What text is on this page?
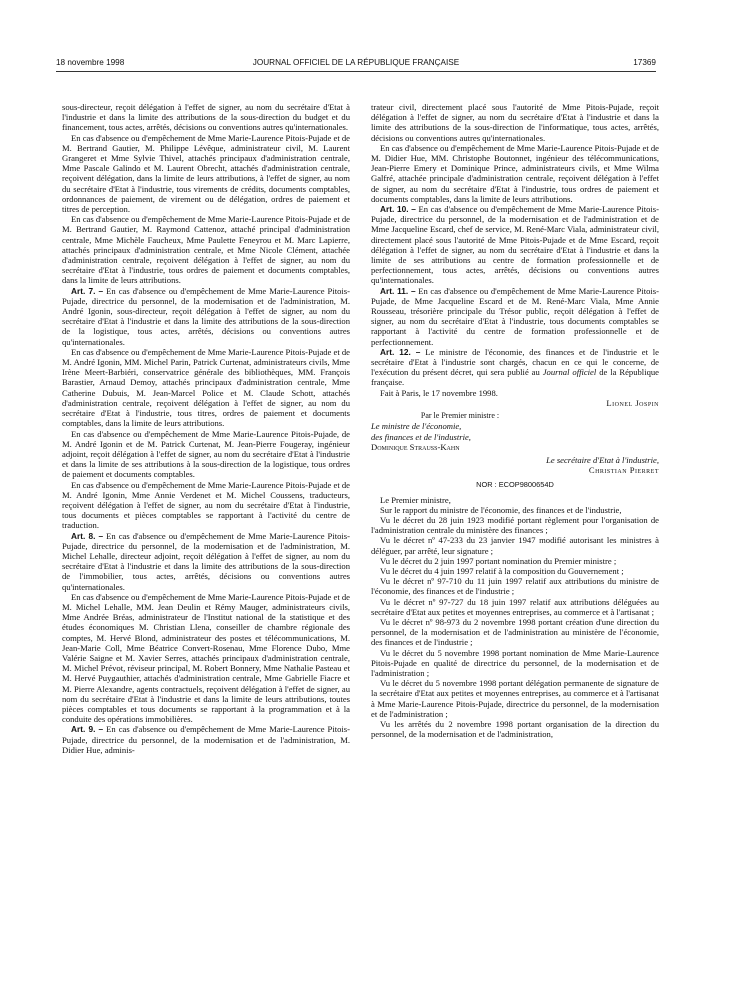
18 novembre 1998	JOURNAL OFFICIEL DE LA RÉPUBLIQUE FRANÇAISE	17369

sous-directeur, reçoit délégation à l'effet de signer, au nom du secrétaire d'Etat à l'industrie et dans la limite des attributions de la sous-direction du budget et du financement, tous actes, arrêtés, décisions ou conventions autres qu'internationales.

En cas d'absence ou d'empêchement de Mme Marie-Laurence Pitois-Pujade et de M. Bertrand Gautier, M. Philippe Lévêque, administrateur civil, M. Laurent Grangeret et Mme Sylvie Thivel, attachés principaux d'administration centrale, Mme Pascale Galindo et M. Laurent Obrecht, attachés d'administration centrale, reçoivent délégation, dans la limite de leurs attributions, à l'effet de signer, au nom du secrétaire d'Etat à l'industrie, tous virements de crédits, documents comptables, ordonnances de paiement, de virement ou de délégation, ordres de paiement et titres de perception.

En cas d'absence ou d'empêchement de Mme Marie-Laurence Pitois-Pujade et de M. Bertrand Gautier, M. Raymond Cattenoz, attaché principal d'administration centrale, Mme Michèle Faucheux, Mme Paulette Feneyrou et M. Marc Lapierre, attachés principaux d'administration centrale, et Mme Nicole Clément, attachée d'administration centrale, reçoivent délégation à l'effet de signer, au nom du secrétaire d'Etat à l'industrie, tous ordres de paiement et documents comptables, dans la limite de leurs attributions.

Art. 7. – En cas d'absence ou d'empêchement de Mme Marie-Laurence Pitois-Pujade, directrice du personnel, de la modernisation et de l'administration, M. André Igonin, sous-directeur, reçoit délégation à l'effet de signer, au nom du secrétaire d'Etat à l'industrie et dans la limite des attributions de la sous-direction de la logistique, tous actes, arrêtés, décisions ou conventions autres qu'internationales.

En cas d'absence ou d'empêchement de Mme Marie-Laurence Pitois-Pujade et de M. André Igonin, MM. Michel Parin, Patrick Curtenat, administrateurs civils, Mme Irène Meert-Barbiéri, conservatrice générale des bibliothèques, MM. François Barastier, Arnaud Demoy, attachés principaux d'administration centrale, Mme Catherine Dubuis, M. Jean-Marcel Police et M. Claude Schott, attachés d'administration centrale, reçoivent délégation à l'effet de signer, au nom du secrétaire d'Etat à l'industrie, tous titres, ordres de paiement et documents comptables, dans la limite de leurs attributions.

En cas d'absence ou d'empêchement de Mme Marie-Laurence Pitois-Pujade, de M. André Igonin et de M. Patrick Curtenat, M. Jean-Pierre Fougeray, ingénieur adjoint, reçoit délégation à l'effet de signer, au nom du secrétaire d'Etat à l'industrie et dans la limite de ses attributions à la sous-direction de la logistique, tous ordres de paiement et documents comptables.

En cas d'absence ou d'empêchement de Mme Marie-Laurence Pitois-Pujade et de M. André Igonin, Mme Annie Verdenet et M. Michel Coussens, traducteurs, reçoivent délégation à l'effet de signer, au nom du secrétaire d'Etat à l'industrie, tous documents et pièces comptables se rapportant à l'activité du centre de traduction.

Art. 8. – En cas d'absence ou d'empêchement de Mme Marie-Laurence Pitois-Pujade, directrice du personnel, de la modernisation et de l'administration, M. Michel Lehalle, directeur adjoint, reçoit délégation à l'effet de signer, au nom du secrétaire d'Etat à l'industrie et dans la limite des attributions de la sous-direction de l'immobilier, tous actes, arrêtés, décisions ou conventions autres qu'internationales.

En cas d'absence ou d'empêchement de Mme Marie-Laurence Pitois-Pujade et de M. Michel Lehalle, MM. Jean Deulin et Rémy Mauger, administrateurs civils, Mme Andrée Bréas, administrateur de l'Institut national de la statistique et des études économiques M. Christian Llena, conseiller de chambre régionale des comptes, M. Hervé Blond, administrateur des postes et télécommunications, M. Jean-Marie Coll, Mme Béatrice Convert-Rosenau, Mme Florence Dubo, Mme Valérie Saigne et M. Xavier Serres, attachés principaux d'administration centrale, M. Michel Prévot, réviseur principal, M. Robert Bonnery, Mme Nathalie Pasteau et M. Hervé Puygauthier, attachés d'administration centrale, Mme Gabrielle Fiacre et M. Pierre Alexandre, agents contractuels, reçoivent délégation à l'effet de signer, au nom du secrétaire d'Etat à l'industrie et dans la limite de leurs attributions, toutes pièces comptables et tous documents se rapportant à la programmation et à la conduite des opérations immobilières.

Art. 9. – En cas d'absence ou d'empêchement de Mme Marie-Laurence Pitois-Pujade, directrice du personnel, de la modernisation et de l'administration, M. Didier Hue, adminis-

trateur civil, directement placé sous l'autorité de Mme Pitois-Pujade, reçoit délégation à l'effet de signer, au nom du secrétaire d'Etat à l'industrie et dans la limite des attributions de la sous-direction de l'informatique, tous actes, arrêtés, décisions ou conventions autres qu'internationales.

En cas d'absence ou d'empêchement de Mme Marie-Laurence Pitois-Pujade et de M. Didier Hue, MM. Christophe Boutonnet, ingénieur des télécommunications, Jean-Pierre Emery et Dominique Prince, administrateurs civils, et Mme Wilma Galfré, attachée principale d'administration centrale, reçoivent délégation à l'effet de signer, au nom du secrétaire d'Etat à l'industrie, tous ordres de paiement et documents comptables, dans la limite de leurs attributions.

Art. 10. – En cas d'absence ou d'empêchement de Mme Marie-Laurence Pitois-Pujade, directrice du personnel, de la modernisation et de l'administration et de Mme Jacqueline Escard, chef de service, M. René-Marc Viala, administrateur civil, directement placé sous l'autorité de Mme Pitois-Pujade et de Mme Escard, reçoit délégation à l'effet de signer, au nom du secrétaire d'Etat à l'industrie et dans la limite de ses attributions au centre de formation professionnelle et de perfectionnement, tous actes, arrêtés, décisions ou conventions autres qu'internationales.

Art. 11. – En cas d'absence ou d'empêchement de Mme Marie-Laurence Pitois-Pujade, de Mme Jacqueline Escard et de M. René-Marc Viala, Mme Annie Rousseau, trésorière principale du Trésor public, reçoit délégation à l'effet de signer, au nom du secrétaire d'Etat à l'industrie, tous documents comptables se rapportant à l'activité du centre de formation professionnelle et de perfectionnement.

Art. 12. – Le ministre de l'économie, des finances et de l'industrie et le secrétaire d'Etat à l'industrie sont chargés, chacun en ce qui le concerne, de l'exécution du présent décret, qui sera publié au Journal officiel de la République française.

Fait à Paris, le 17 novembre 1998.

Lionel Jospin
Par le Premier ministre :
Le ministre de l'économie,
des finances et de l'industrie,
Dominique Strauss-Kahn
Le secrétaire d'Etat à l'industrie,
Christian Pierret
NOR : ECOP9800654D

Le Premier ministre,

Sur le rapport du ministre de l'économie, des finances et de l'industrie,

Vu le décret du 28 juin 1923 modifié portant règlement pour l'organisation de l'administration centrale du ministère des finances ;

Vu le décret nº 47-233 du 23 janvier 1947 modifié autorisant les ministres à déléguer, par arrêté, leur signature ;

Vu le décret du 2 juin 1997 portant nomination du Premier ministre ;

Vu le décret du 4 juin 1997 relatif à la composition du Gouvernement ;

Vu le décret nº 97-710 du 11 juin 1997 relatif aux attributions du ministre de l'économie, des finances et de l'industrie ;

Vu le décret nº 97-727 du 18 juin 1997 relatif aux attributions déléguées au secrétaire d'Etat aux petites et moyennes entreprises, au commerce et à l'artisanat ;

Vu le décret nº 98-973 du 2 novembre 1998 portant création d'une direction du personnel, de la modernisation et de l'administration au ministère de l'économie, des finances et de l'industrie ;

Vu le décret du 5 novembre 1998 portant nomination de Mme Marie-Laurence Pitois-Pujade en qualité de directrice du personnel, de la modernisation et de l'administration ;

Vu le décret du 5 novembre 1998 portant délégation permanente de signature de la secrétaire d'Etat aux petites et moyennes entreprises, au commerce et à l'artisanat à Mme Marie-Laurence Pitois-Pujade, directrice du personnel, de la modernisation et de l'administration ;

Vu les arrêtés du 2 novembre 1998 portant organisation de la direction du personnel, de la modernisation et de l'administration,
